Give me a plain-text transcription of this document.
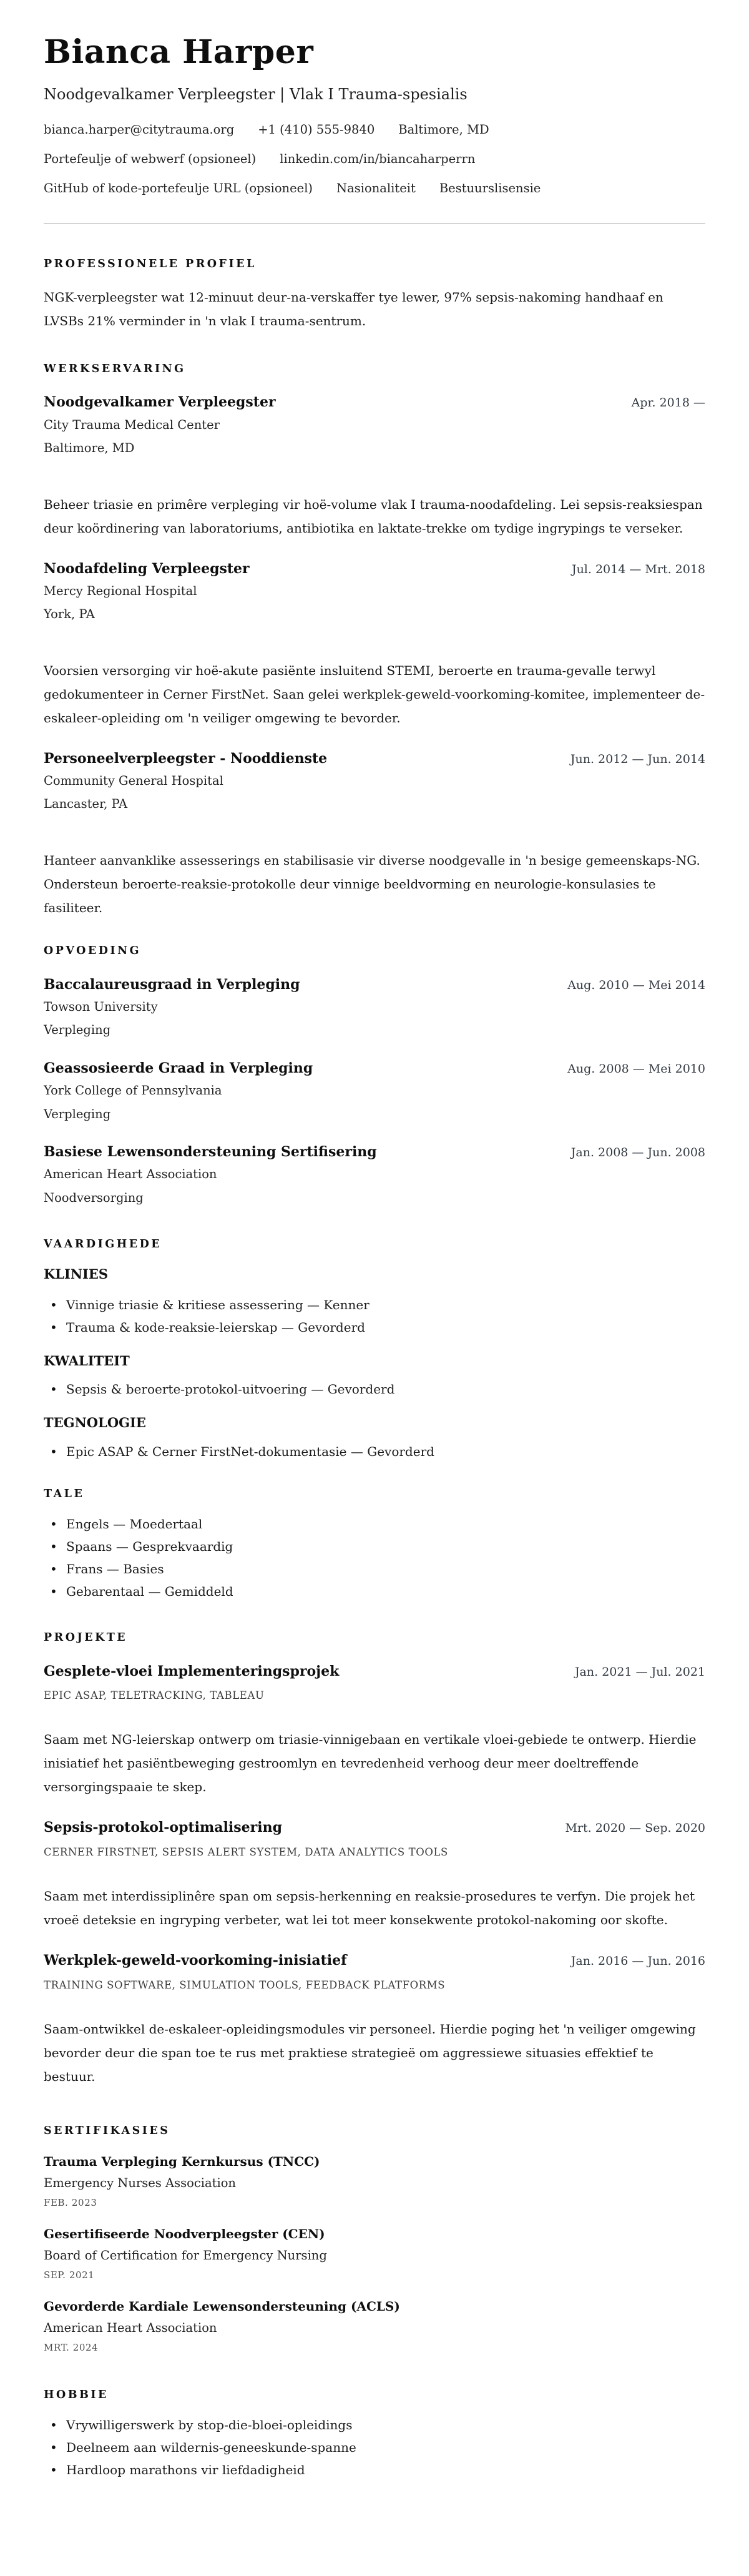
Bianca Harper
Noodgevalkamer Verpleegster | Vlak I Trauma-spesialis
bianca.harper@citytrauma.org +1 (410) 555-9840 Baltimore, MD
Portefeulje of webwerf (opsioneel) linkedin.com/in/biancaharperrn
GitHub of kode-portefeulje URL (opsioneel) Nasionaliteit Bestuurslisensie
PROFESSIONELE PROFIEL

NGK-verpleegster wat 12-minuut deur-na-verskaffer tye lewer, 97% sepsis-nakoming handhaaf en LVSBs 21% verminder in 'n vlak I trauma-sentrum.

WERKSERVARING
Noodgevalkamer Verpleegster	Apr. 2018 —
City Trauma Medical Center
Baltimore, MD

Beheer triasie en primêre verpleging vir hoë-volume vlak I trauma-noodafdeling. Lei sepsis-reaksiespan deur koördinering van laboratoriums, antibiotika en laktate-trekke om tydige ingrypings te verseker.

Noodafdeling Verpleegster	Jul. 2014 — Mrt. 2018
Mercy Regional Hospital
York, PA

Voorsien versorging vir hoë-akute pasiënte insluitend STEMI, beroerte en trauma-gevalle terwyl gedokumenteer in Cerner FirstNet. Saan gelei werkplek-geweld-voorkoming-komitee, implementeer de-eskaleer-opleiding om 'n veiliger omgewing te bevorder.

Personeelverpleegster - Nooddienste	Jun. 2012 — Jun. 2014
Community General Hospital
Lancaster, PA

Hanteer aanvanklike assesserings en stabilisasie vir diverse noodgevalle in 'n besige gemeenskaps-NG. Ondersteun beroerte-reaksie-protokolle deur vinnige beeldvorming en neurologie-konsulasies te fasiliteer.

OPVOEDING
Baccalaureusgraad in Verpleging	Aug. 2010 — Mei 2014
Towson University
Verpleging
Geassosieerde Graad in Verpleging	Aug. 2008 — Mei 2010
York College of Pennsylvania
Verpleging
Basiese Lewensondersteuning Sertifisering	Jan. 2008 — Jun. 2008
American Heart Association
Noodversorging
VAARDIGHEDE
KLINIES
• Vinnige triasie & kritiese assessering — Kenner
• Trauma & kode-reaksie-leierskap — Gevorderd
KWALITEIT
• Sepsis & beroerte-protokol-uitvoering — Gevorderd
TEGNOLOGIE
• Epic ASAP & Cerner FirstNet-dokumentasie — Gevorderd
TALE
• Engels — Moedertaal
• Spaans — Gesprekvaardig
• Frans — Basies
• Gebarentaal — Gemiddeld
PROJEKTE
Gesplete-vloei Implementeringsprojek	Jan. 2021 — Jul. 2021
EPIC ASAP, TELETRACKING, TABLEAU

Saam met NG-leierskap ontwerp om triasie-vinnigebaan en vertikale vloei-gebiede te ontwerp. Hierdie inisiatief het pasiëntbeweging gestroomlyn en tevredenheid verhoog deur meer doeltreffende versorgingspaaie te skep.

Sepsis-protokol-optimalisering	Mrt. 2020 — Sep. 2020
CERNER FIRSTNET, SEPSIS ALERT SYSTEM, DATA ANALYTICS TOOLS

Saam met interdissiplinêre span om sepsis-herkenning en reaksie-prosedures te verfyn. Die projek het vroeë deteksie en ingryping verbeter, wat lei tot meer konsekwente protokol-nakoming oor skofte.

Werkplek-geweld-voorkoming-inisiatief	Jan. 2016 — Jun. 2016
TRAINING SOFTWARE, SIMULATION TOOLS, FEEDBACK PLATFORMS

Saam-ontwikkel de-eskaleer-opleidingsmodules vir personeel. Hierdie poging het 'n veiliger omgewing bevorder deur die span toe te rus met praktiese strategieë om aggressiewe situasies effektief te bestuur.

SERTIFIKASIES
Trauma Verpleging Kernkursus (TNCC)
Emergency Nurses Association
FEB. 2023
Gesertifiseerde Noodverpleegster (CEN)
Board of Certification for Emergency Nursing
SEP. 2021
Gevorderde Kardiale Lewensondersteuning (ACLS)
American Heart Association
MRT. 2024
HOBBIE
• Vrywilligerswerk by stop-die-bloei-opleidings
• Deelneem aan wildernis-geneeskunde-spanne
• Hardloop marathons vir liefdadigheid
